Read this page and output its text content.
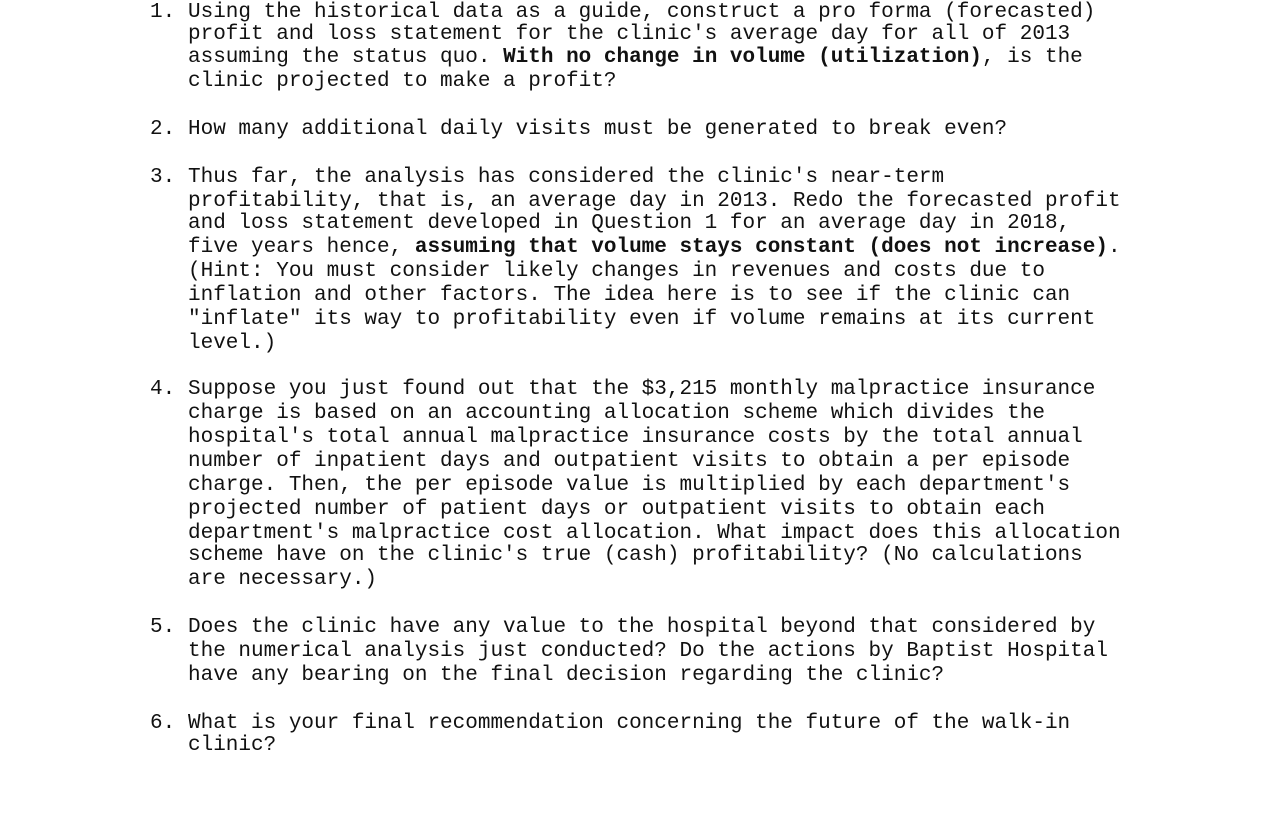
1. Using the historical data as a guide, construct a pro forma (forecasted)
profit and loss statement for the clinic's average day for all of 2013
assuming the status quo. With no change in volume (utilization), is the
clinic projected to make a profit?
2. How many additional daily visits must be generated to break even?
3. Thus far, the analysis has considered the clinic's near-term
profitability, that is, an average day in 2013. Redo the forecasted profit
and loss statement developed in Question 1 for an average day in 2018,
five years hence, assuming that volume stays constant (does not increase).
(Hint: You must consider likely changes in revenues and costs due to
inflation and other factors. The idea here is to see if the clinic can
"inflate" its way to profitability even if volume remains at its current
level.)
4. Suppose you just found out that the $3,215 monthly malpractice insurance
charge is based on an accounting allocation scheme which divides the
hospital's total annual malpractice insurance costs by the total annual
number of inpatient days and outpatient visits to obtain a per episode
charge. Then, the per episode value is multiplied by each department's
projected number of patient days or outpatient visits to obtain each
department's malpractice cost allocation. What impact does this allocation
scheme have on the clinic's true (cash) profitability? (No calculations
are necessary.)
5. Does the clinic have any value to the hospital beyond that considered by
the numerical analysis just conducted? Do the actions by Baptist Hospital
have any bearing on the final decision regarding the clinic?
6. What is your final recommendation concerning the future of the walk-in
clinic?
